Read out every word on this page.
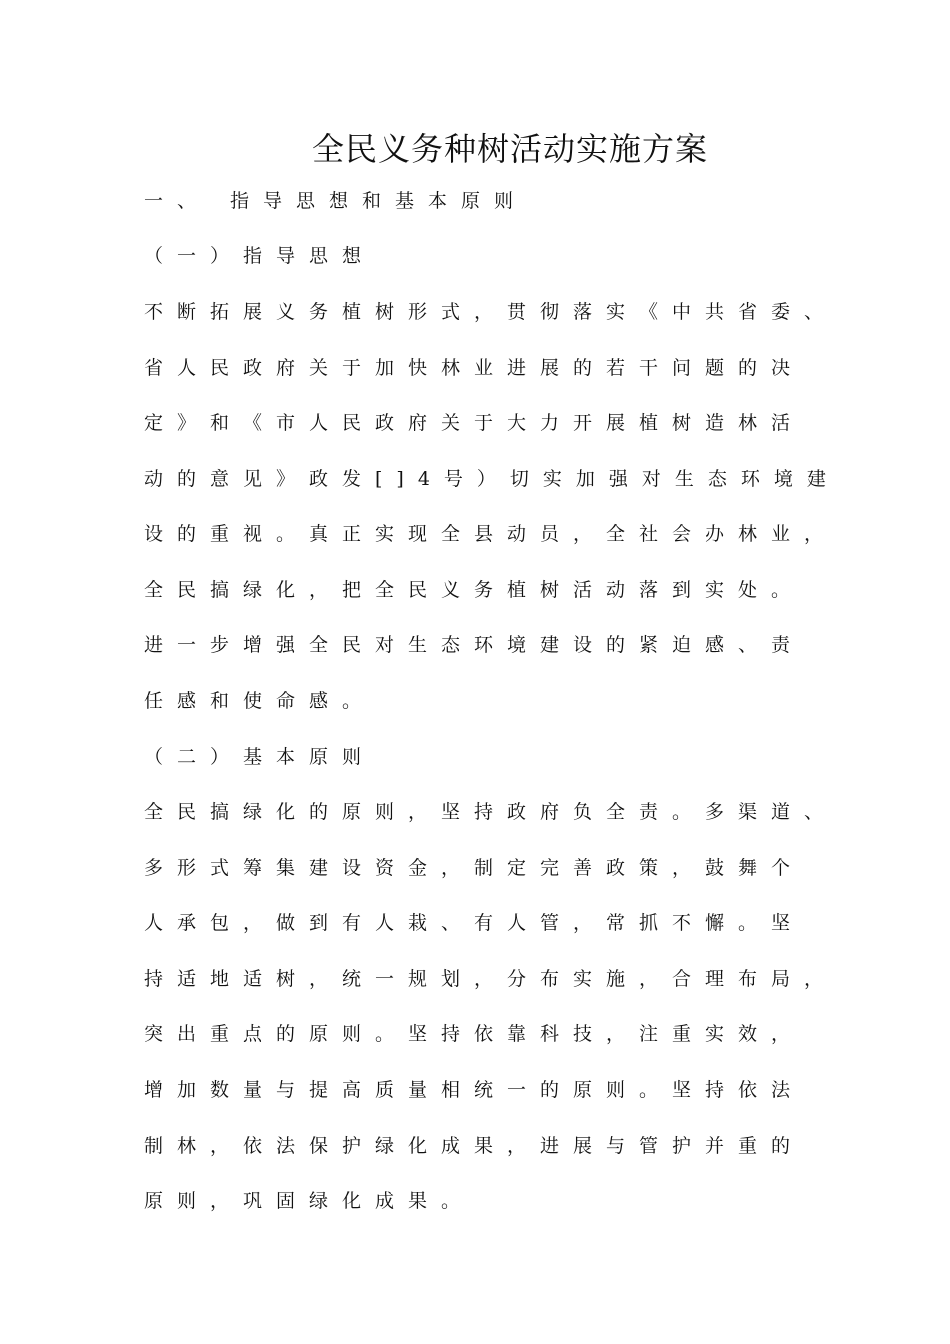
全民义务种树活动实施方案
一、 指导思想和基本原则
（一）指导思想
不断拓展义务植树形式，贯彻落实《中共省委、
省人民政府关于加快林业进展的若干问题的决
定》和《市人民政府关于大力开展植树造林活
动的意见》政发[]4号）切实加强对生态环境建
设的重视。真正实现全县动员，全社会办林业，
全民搞绿化，把全民义务植树活动落到实处。
进一步增强全民对生态环境建设的紧迫感、责
任感和使命感。
（二）基本原则
全民搞绿化的原则，坚持政府负全责。多渠道、
多形式筹集建设资金，制定完善政策，鼓舞个
人承包，做到有人栽、有人管，常抓不懈。坚
持适地适树，统一规划，分布实施，合理布局，
突出重点的原则。坚持依靠科技，注重实效，
增加数量与提高质量相统一的原则。坚持依法
制林，依法保护绿化成果，进展与管护并重的
原则，巩固绿化成果。
